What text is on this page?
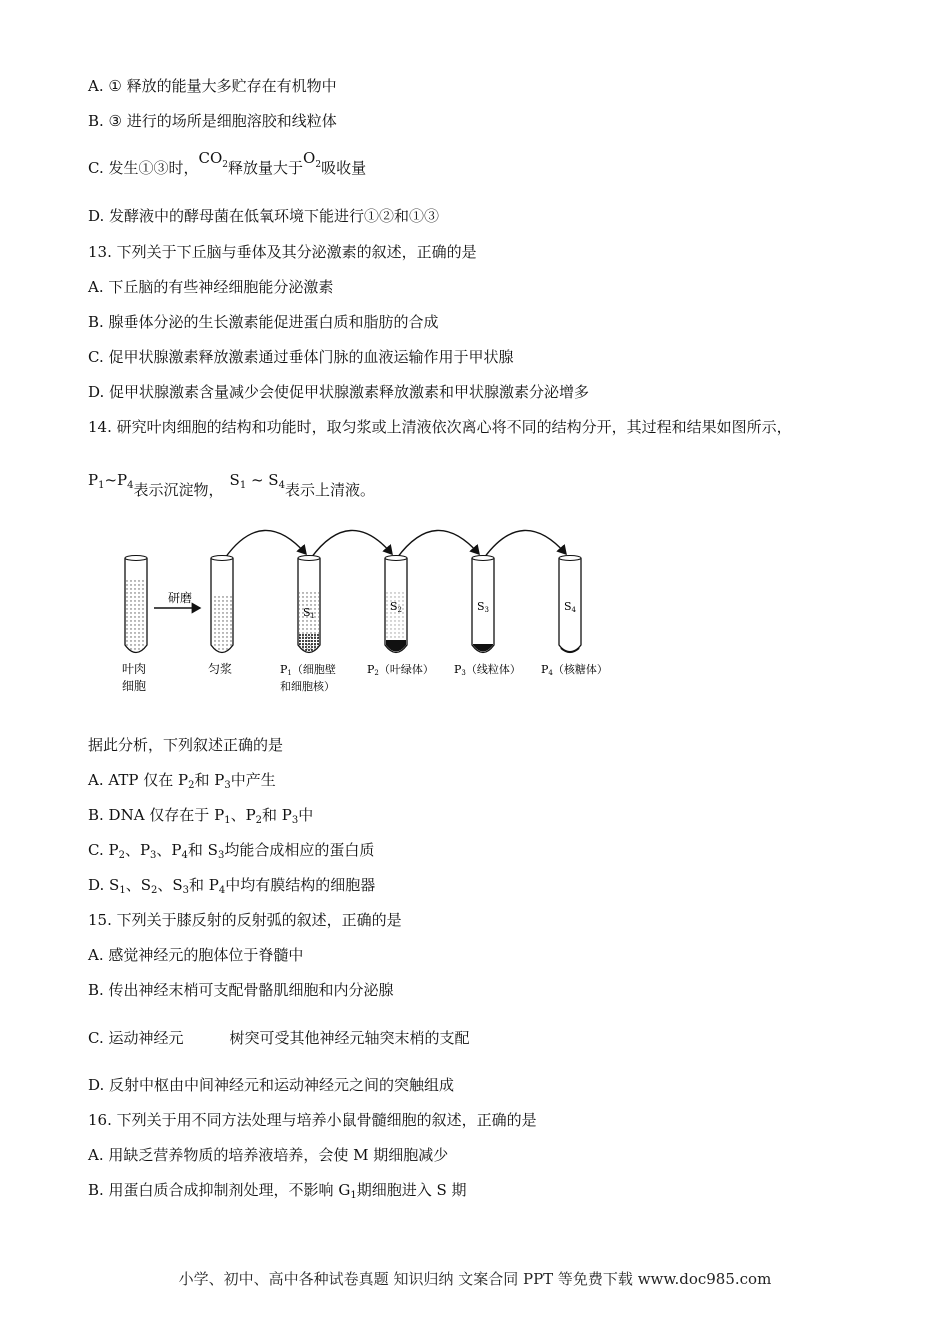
A. ① 释放的能量大多贮存在有机物中
B. ③ 进行的场所是细胞溶胶和线粒体
C. 发生①③时，$CO_2$释放量大于$O_2$吸收量
D. 发酵液中的酵母菌在低氧环境下能进行①②和①③
13. 下列关于下丘脑与垂体及其分泌激素的叙述，正确的是
A. 下丘脑的有些神经细胞能分泌激素
B. 腺垂体分泌的生长激素能促进蛋白质和脂肪的合成
C. 促甲状腺激素释放激素通过垂体门脉的血液运输作用于甲状腺
D. 促甲状腺激素含量减少会使促甲状腺激素释放激素和甲状腺激素分泌增多
14. 研究叶肉细胞的结构和功能时，取匀浆或上清液依次离心将不同的结构分开，其过程和结果如图所示，
$P_1\sim P_4$表示沉淀物，$S_1$ ~ $S_4$表示上清液。
研磨
S1
S2	S3	S4
叶肉
细胞
匀浆	P1（细胞壁
和细胞核）
P2（叶绿体） P3（线粒体） P4（核糖体）
据此分析，下列叙述正确的是
A. ATP 仅在 $P_2$和 $P_3$中产生
B. DNA 仅存在于 $P_1$、$P_2$和 $P_3$中
C. $P_2$、$P_3$、$P_4$和 $S_3$均能合成相应的蛋白质
D. $S_1$、$S_2$、$S_3$和 $P_4$中均有膜结构的细胞器
15. 下列关于膝反射的反射弧的叙述，正确的是
A. 感觉神经元的胞体位于脊髓中
B. 传出神经末梢可支配骨骼肌细胞和内分泌腺
C. 运动神经元	树突可受其他神经元轴突末梢的支配
D. 反射中枢由中间神经元和运动神经元之间的突触组成
16. 下列关于用不同方法处理与培养小鼠骨髓细胞的叙述，正确的是
A. 用缺乏营养物质的培养液培养，会使 M 期细胞减少
B. 用蛋白质合成抑制剂处理，不影响 $G_1$期细胞进入 S 期
小学、初中、高中各种试卷真题 知识归纳 文案合同 PPT 等免费下载 www.doc985.com
